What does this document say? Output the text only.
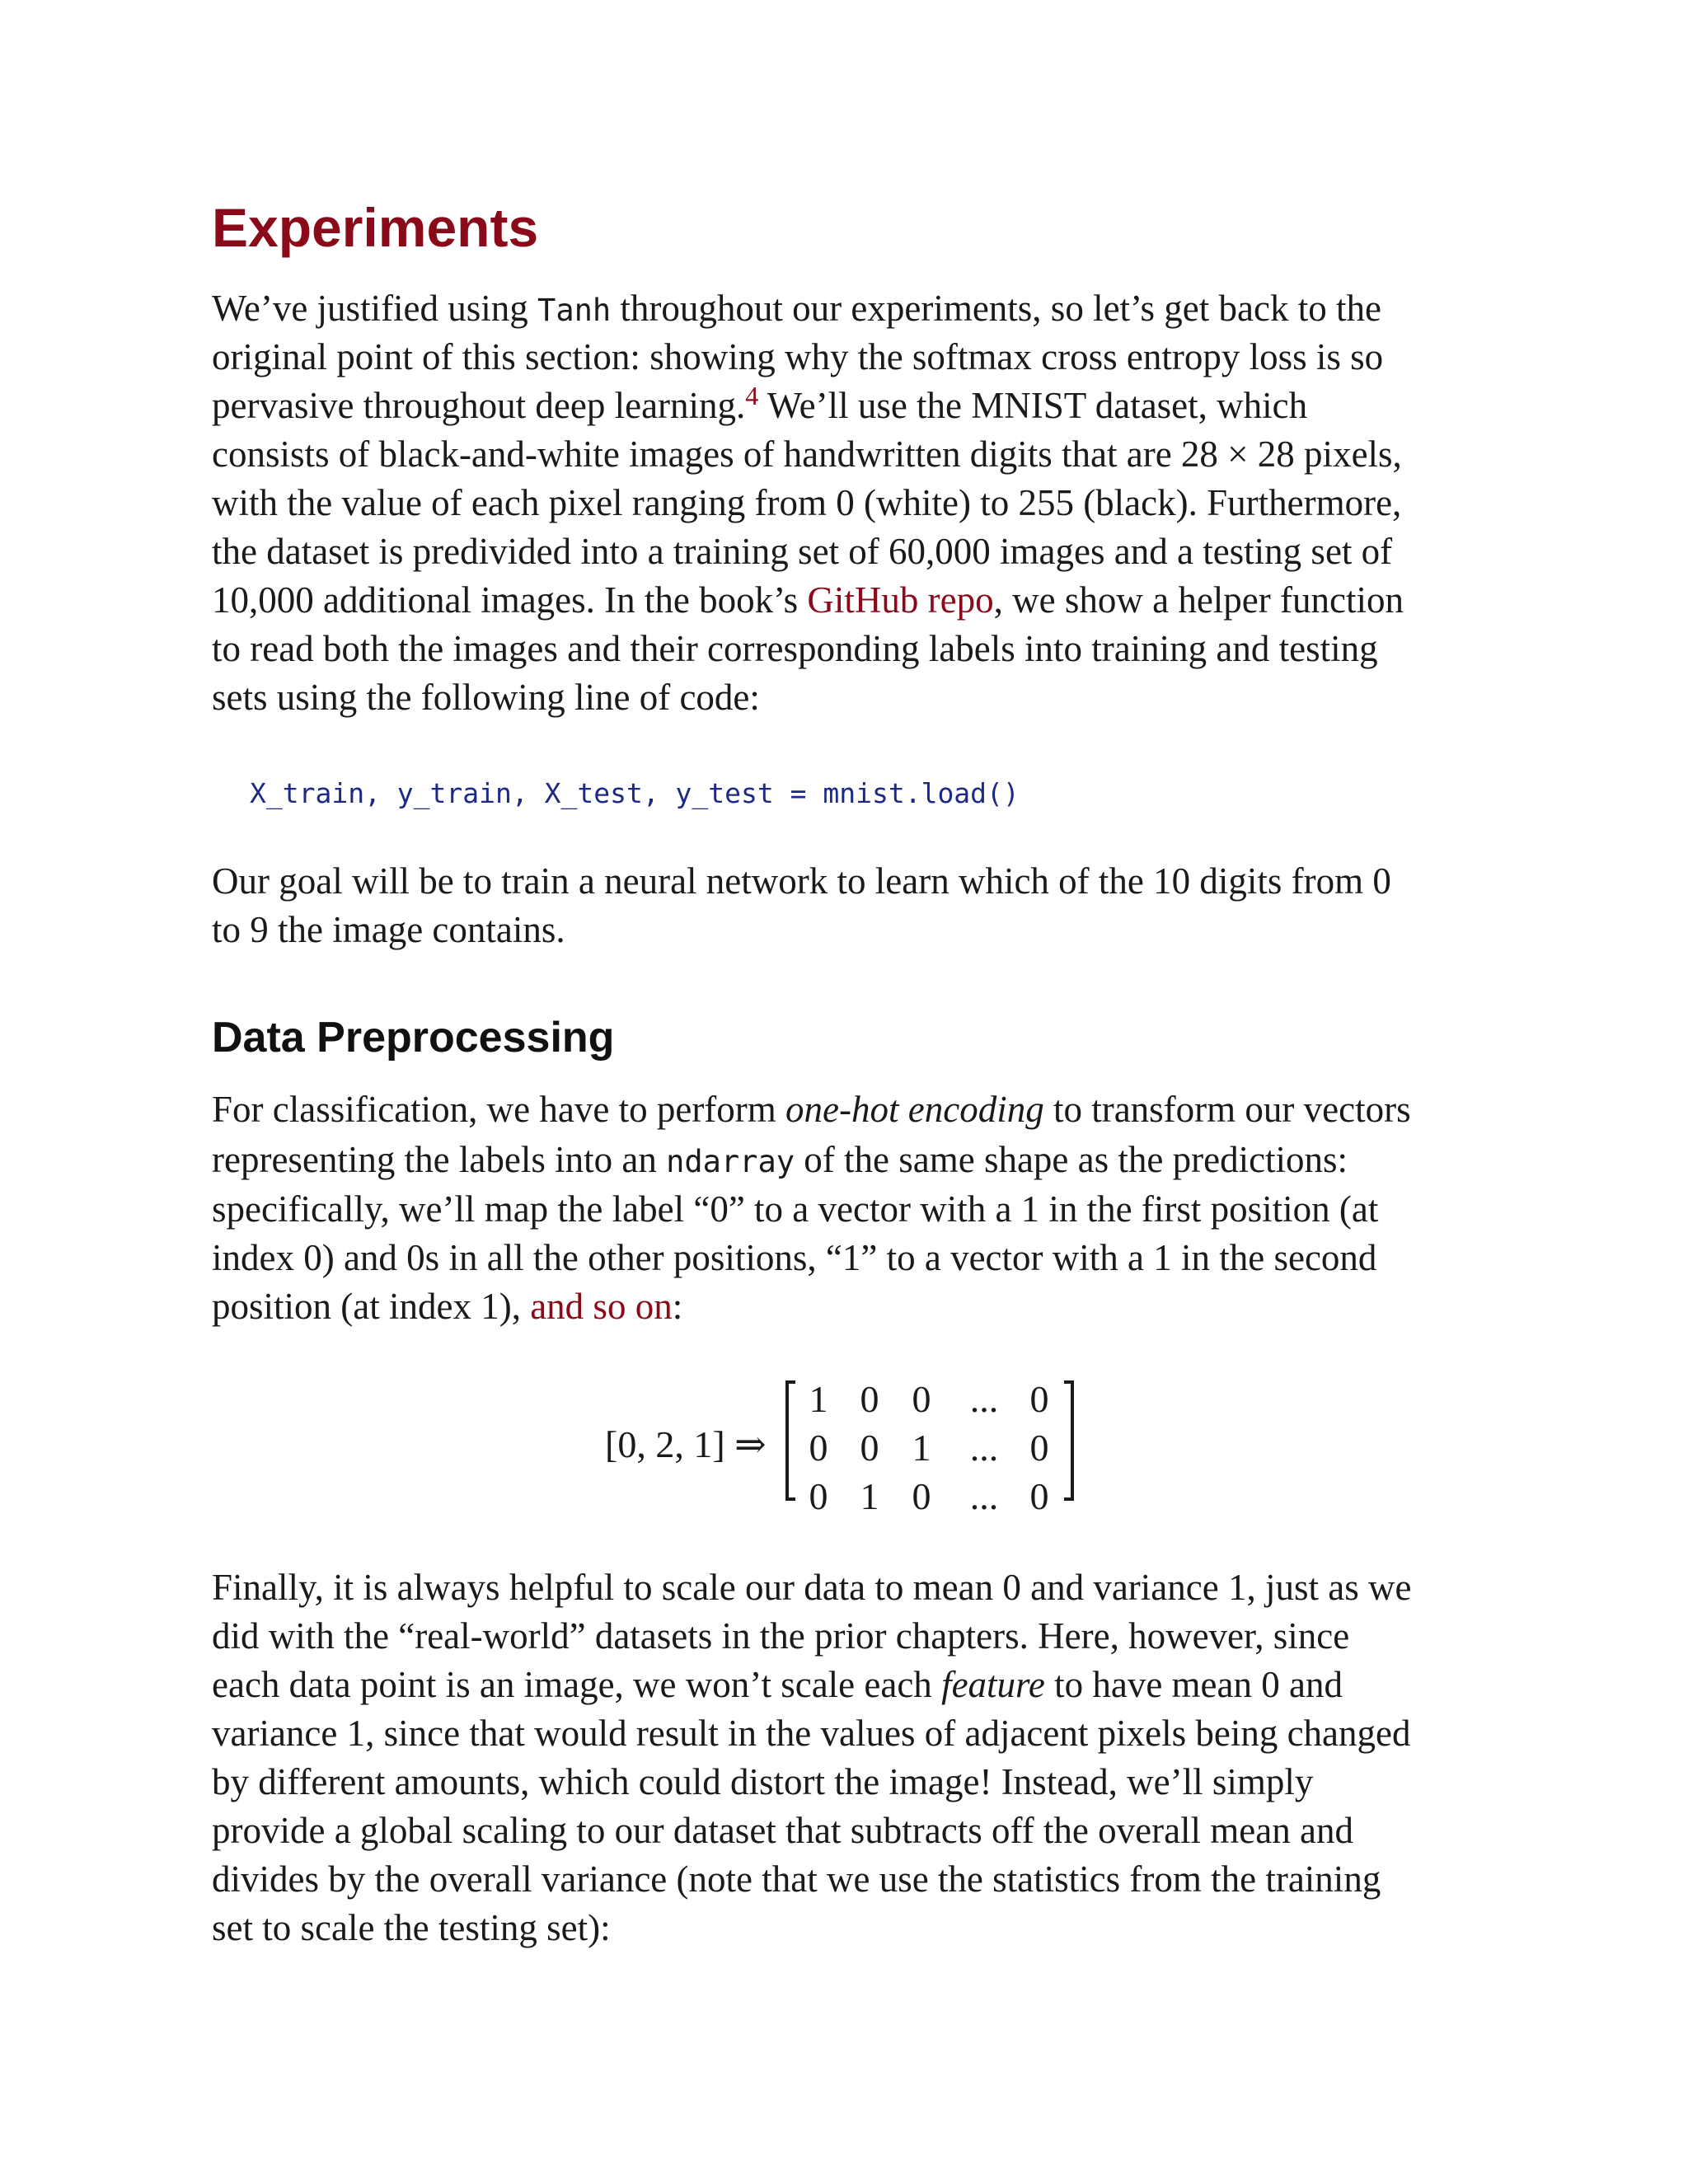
Experiments
We’ve justified using Tanh throughout our experiments, so let’s get back to the
original point of this section: showing why the softmax cross entropy loss is so
pervasive throughout deep learning.$^4$ We’ll use the MNIST dataset, which
consists of black-and-white images of handwritten digits that are 28 × 28 pixels,
with the value of each pixel ranging from 0 (white) to 255 (black). Furthermore,
the dataset is predivided into a training set of 60,000 images and a testing set of
10,000 additional images. In the book’s GitHub repo, we show a helper function
to read both the images and their corresponding labels into training and testing
sets using the following line of code:
X_train, y_train, X_test, y_test = mnist.load()
Our goal will be to train a neural network to learn which of the 10 digits from 0
to 9 the image contains.
Data Preprocessing
For classification, we have to perform one-hot encoding to transform our vectors
representing the labels into an ndarray of the same shape as the predictions:
specifically, we’ll map the label “0” to a vector with a 1 in the first position (at
index 0) and 0s in all the other positions, “1” to a vector with a 1 in the second
position (at index 1), and so on:
[0, 2, 1] ⇒
1 0 0 ... 0
0 0 1 ... 0
0 1 0 ... 0
Finally, it is always helpful to scale our data to mean 0 and variance 1, just as we
did with the “real-world” datasets in the prior chapters. Here, however, since
each data point is an image, we won’t scale each feature to have mean 0 and
variance 1, since that would result in the values of adjacent pixels being changed
by different amounts, which could distort the image! Instead, we’ll simply
provide a global scaling to our dataset that subtracts off the overall mean and
divides by the overall variance (note that we use the statistics from the training
set to scale the testing set):
